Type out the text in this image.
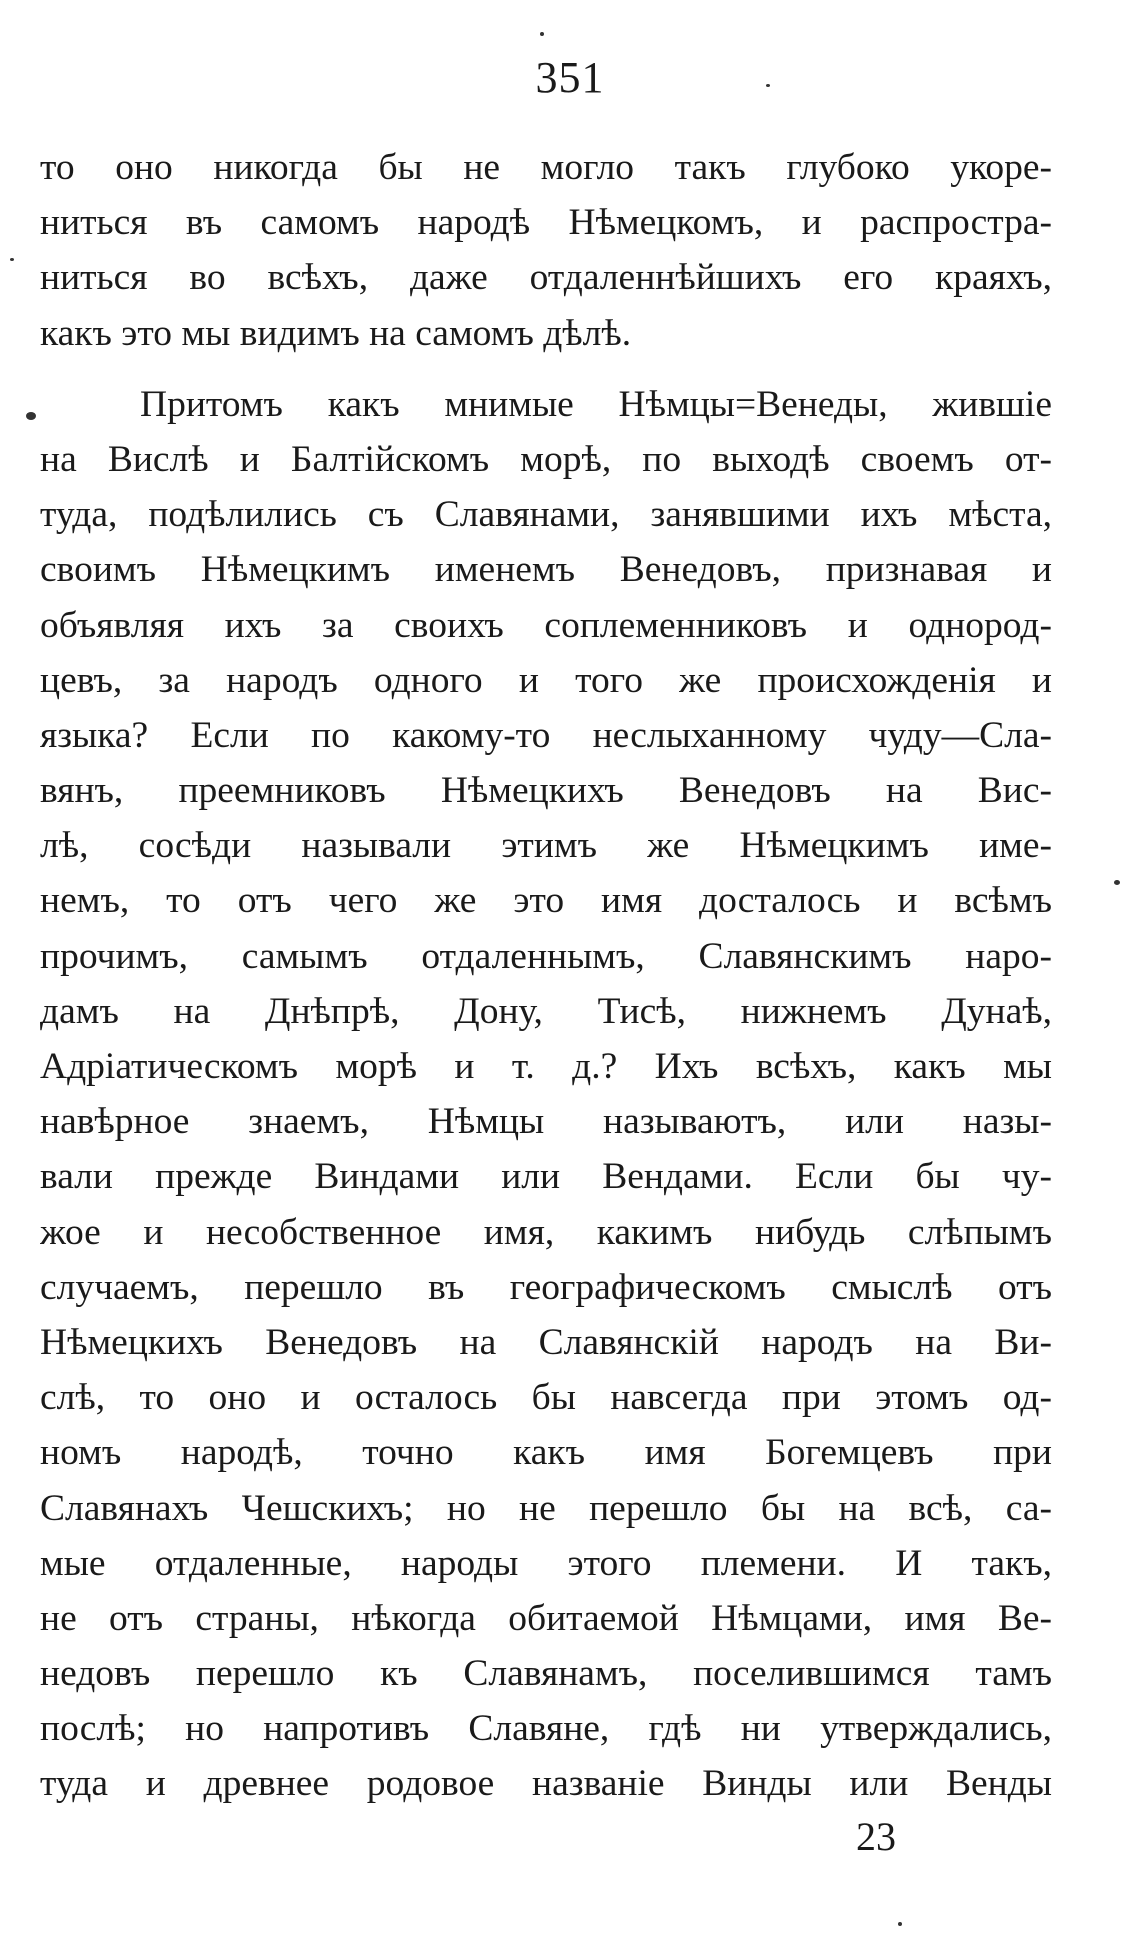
351
то оно никогда бы не могло такъ глубоко укоре-
ниться въ самомъ народѣ Нѣмецкомъ, и распростра-
ниться во всѣхъ, даже отдаленнѣйшихъ его краяхъ,
какъ это мы видимъ на самомъ дѣлѣ.
Притомъ какъ мнимые Нѣмцы=Венеды, жившіе
на Вислѣ и Балтійскомъ морѣ, по выходѣ своемъ от-
туда, подѣлились съ Славянами, занявшими ихъ мѣста,
своимъ Нѣмецкимъ именемъ Венедовъ, признавая и
объявляя ихъ за своихъ соплеменниковъ и однород-
цевъ, за народъ одного и того же происхожденія и
языка? Если по какому-то неслыханному чуду—Сла-
вянъ, преемниковъ Нѣмецкихъ Венедовъ на Вис-
лѣ, сосѣди называли этимъ же Нѣмецкимъ име-
немъ, то отъ чего же это имя досталось и всѣмъ
прочимъ, самымъ отдаленнымъ, Славянскимъ наро-
дамъ на Днѣпрѣ, Дону, Тисѣ, нижнемъ Дунаѣ,
Адріатическомъ морѣ и т. д.? Ихъ всѣхъ, какъ мы
навѣрное знаемъ, Нѣмцы называютъ, или назы-
вали прежде Виндами или Вендами. Если бы чу-
жое и несобственное имя, какимъ нибудь слѣпымъ
случаемъ, перешло въ географическомъ смыслѣ отъ
Нѣмецкихъ Венедовъ на Славянскій народъ на Ви-
слѣ, то оно и осталось бы навсегда при этомъ од-
номъ народѣ, точно какъ имя Богемцевъ при
Славянахъ Чешскихъ; но не перешло бы на всѣ, са-
мые отдаленные, народы этого племени. И такъ,
не отъ страны, нѣкогда обитаемой Нѣмцами, имя Ве-
недовъ перешло къ Славянамъ, поселившимся тамъ
послѣ; но напротивъ Славяне, гдѣ ни утверждались,
туда и древнее родовое названіе Винды или Венды
23
